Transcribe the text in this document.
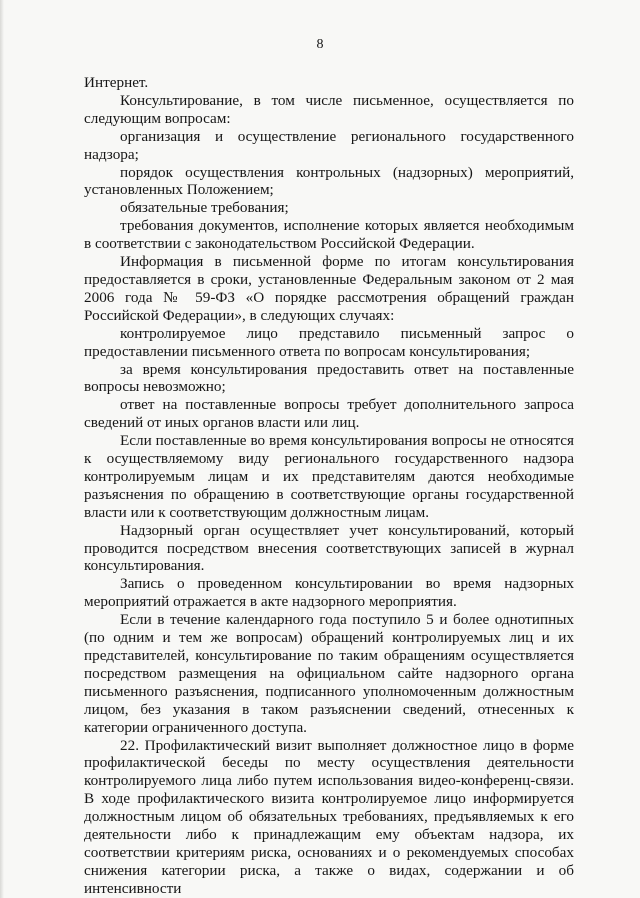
8

Интернет.

Консультирование, в том числе письменное, осуществляется по следующим вопросам:

организация и осуществление регионального государственного надзора;

порядок осуществления контрольных (надзорных) мероприятий, установленных Положением;

обязательные требования;

требования документов, исполнение которых является необходимым в соответствии с законодательством Российской Федерации.

Информация в письменной форме по итогам консультирования предоставляется в сроки, установленные Федеральным законом от 2 мая 2006 года № 59-ФЗ «О порядке рассмотрения обращений граждан Российской Федерации», в следующих случаях:

контролируемое лицо представило письменный запрос о предоставлении письменного ответа по вопросам консультирования;

за время консультирования предоставить ответ на поставленные вопросы невозможно;

ответ на поставленные вопросы требует дополнительного запроса сведений от иных органов власти или лиц.

Если поставленные во время консультирования вопросы не относятся к осуществляемому виду регионального государственного надзора контролируемым лицам и их представителям даются необходимые разъяснения по обращению в соответствующие органы государственной власти или к соответствующим должностным лицам.

Надзорный орган осуществляет учет консультирований, который проводится посредством внесения соответствующих записей в журнал консультирования.

Запись о проведенном консультировании во время надзорных мероприятий отражается в акте надзорного мероприятия.

Если в течение календарного года поступило 5 и более однотипных (по одним и тем же вопросам) обращений контролируемых лиц и их представителей, консультирование по таким обращениям осуществляется посредством размещения на официальном сайте надзорного органа письменного разъяснения, подписанного уполномоченным должностным лицом, без указания в таком разъяснении сведений, отнесенных к категории ограниченного доступа.

22. Профилактический визит выполняет должностное лицо в форме профилактической беседы по месту осуществления деятельности контролируемого лица либо путем использования видео-конференц-связи. В ходе профилактического визита контролируемое лицо информируется должностным лицом об обязательных требованиях, предъявляемых к его деятельности либо к принадлежащим ему объектам надзора, их соответствии критериям риска, основаниях и о рекомендуемых способах снижения категории риска, а также о видах, содержании и об интенсивности
